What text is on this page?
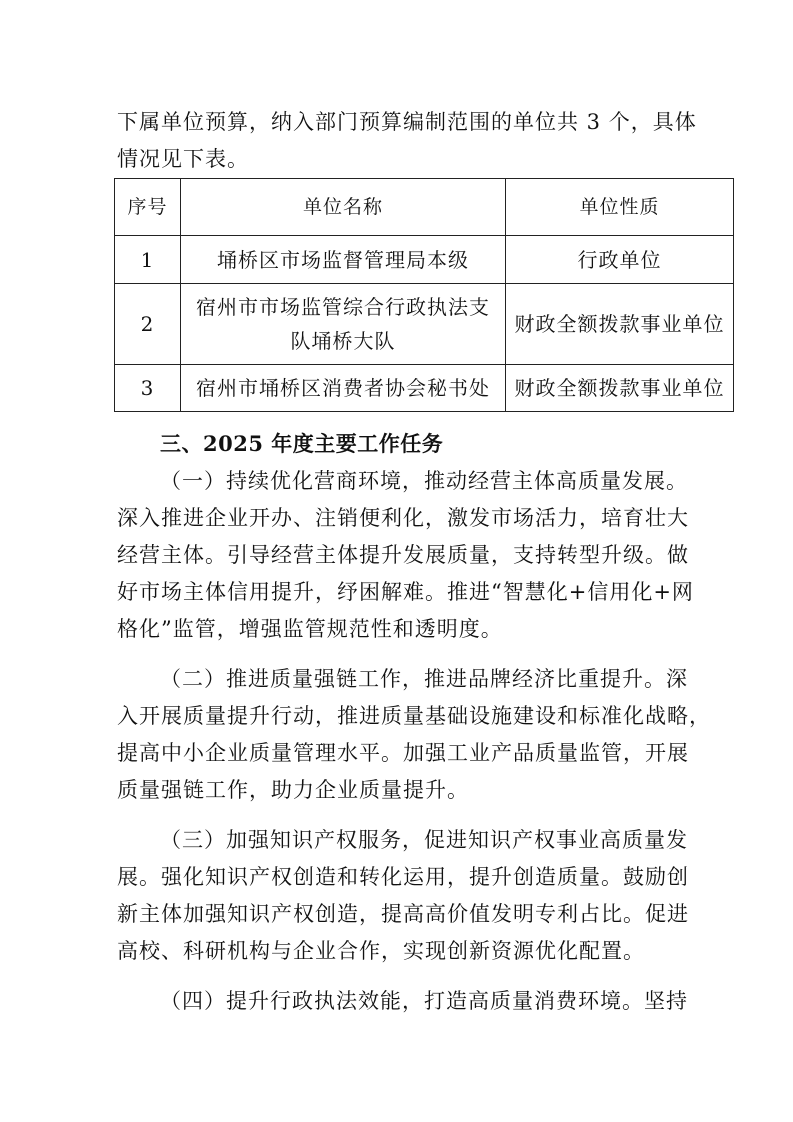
下属单位预算，纳入部门预算编制范围的单位共 3 个，具体
情况见下表。
序号	单位名称	单位性质
1	埇桥区市场监督管理局本级	行政单位
2	宿州市市场监管综合行政执法支
队埇桥大队	财政全额拨款事业单位
3	宿州市埇桥区消费者协会秘书处	财政全额拨款事业单位
三、2025 年度主要工作任务
（一）持续优化营商环境，推动经营主体高质量发展。
深入推进企业开办、注销便利化，激发市场活力，培育壮大
经营主体。引导经营主体提升发展质量，支持转型升级。做
好市场主体信用提升，纾困解难。推进“智慧化+信用化+网
格化”监管，增强监管规范性和透明度。
（二）推进质量强链工作，推进品牌经济比重提升。深
入开展质量提升行动，推进质量基础设施建设和标准化战略，
提高中小企业质量管理水平。加强工业产品质量监管，开展
质量强链工作，助力企业质量提升。
（三）加强知识产权服务，促进知识产权事业高质量发
展。强化知识产权创造和转化运用，提升创造质量。鼓励创
新主体加强知识产权创造，提高高价值发明专利占比。促进
高校、科研机构与企业合作，实现创新资源优化配置。
（四）提升行政执法效能，打造高质量消费环境。坚持
